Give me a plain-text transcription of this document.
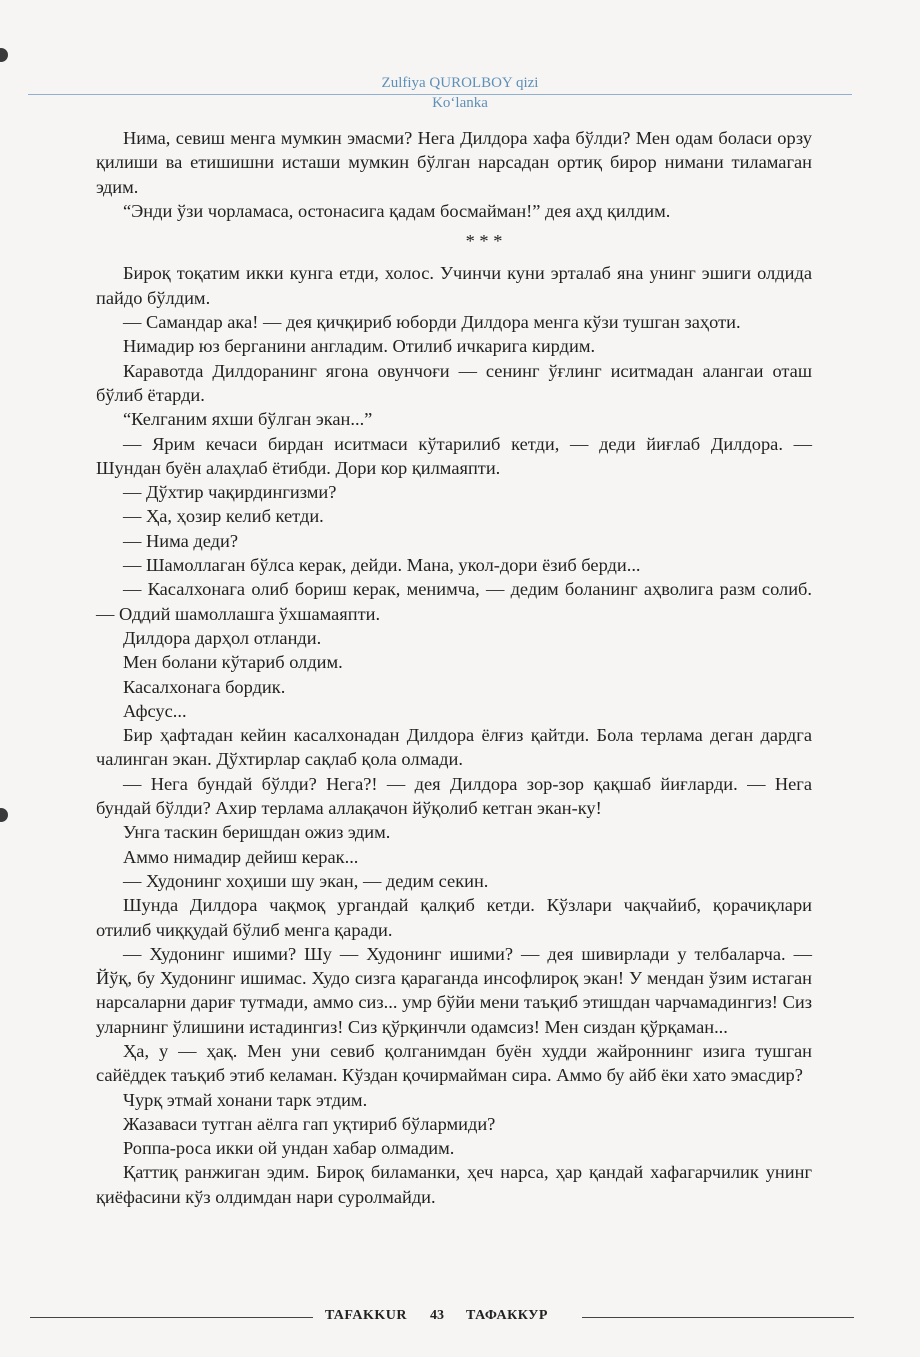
Zulfiya QUROLBOY qizi
Ko‘lanka

Нима, севиш менга мумкин эмасми? Нега Дилдора хафа бўлди? Мен одам боласи орзу қилиши ва етишишни исташи мумкин бўлган нарсадан ортиқ бирор нимани тиламаган эдим.

“Энди ўзи чорламаса, остонасига қадам босмайман!” дея аҳд қилдим.

* * *

Бироқ тоқатим икки кунга етди, холос. Учинчи куни эрталаб яна унинг эшиги олдида пайдо бўлдим.

— Самандар ака! — дея қичқириб юборди Дилдора менга кўзи тушган заҳоти.

Нимадир юз берганини англадим. Отилиб ичкарига кирдим.

Каравотда Дилдоранинг ягона овунчоғи — сенинг ўғлинг иситмадан алангаи оташ бўлиб ётарди.

“Келганим яхши бўлган экан...”

— Ярим кечаси бирдан иситмаси кўтарилиб кетди, — деди йиғлаб Дилдора. — Шундан буён алаҳлаб ётибди. Дори кор қилмаяпти.

— Дўхтир чақирдингизми?

— Ҳа, ҳозир келиб кетди.

— Нима деди?

— Шамоллаган бўлса керак, дейди. Мана, укол-дори ёзиб берди...

— Касалхонага олиб бориш керак, менимча, — дедим боланинг аҳволига разм солиб. — Оддий шамоллашга ўхшамаяпти.

Дилдора дарҳол отланди.

Мен болани кўтариб олдим.

Касалхонага бордик.

Афсус...

Бир ҳафтадан кейин касалхонадан Дилдора ёлғиз қайтди. Бола терлама деган дардга чалинган экан. Дўхтирлар сақлаб қола олмади.

— Нега бундай бўлди? Нега?! — дея Дилдора зор-зор қақшаб йиғларди. — Нега бундай бўлди? Ахир терлама аллақачон йўқолиб кетган экан-ку!

Унга таскин беришдан ожиз эдим.

Аммо нимадир дейиш керак...

— Худонинг хоҳиши шу экан, — дедим секин.

Шунда Дилдора чақмоқ ургандай қалқиб кетди. Кўзлари чақчайиб, қорачиқлари отилиб чиққудай бўлиб менга қаради.

— Худонинг ишими? Шу — Худонинг ишими? — дея шивирлади у телбаларча. — Йўқ, бу Худонинг ишимас. Худо сизга қараганда инсофлироқ экан! У мендан ўзим истаган нарсаларни дариғ тутмади, аммо сиз... умр бўйи мени таъқиб этишдан чарчамадингиз! Сиз уларнинг ўлишини истадингиз! Сиз қўрқинчли одамсиз! Мен сиздан қўрқаман...

Ҳа, у — ҳақ. Мен уни севиб қолганимдан буён худди жайроннинг изига тушган сайёддек таъқиб этиб келаман. Кўздан қочирмайман сира. Аммо бу айб ёки хато эмасдир?

Чурқ этмай хонани тарк этдим.

Жазаваси тутган аёлга гап уқтириб бўлармиди?

Роппа-роса икки ой ундан хабар олмадим.

Қаттиқ ранжиган эдим. Бироқ биламанки, ҳеч нарса, ҳар қандай хафагарчилик унинг қиёфасини кўз олдимдан нари суролмайди.

TAFAKKUR 43 ТАФАККУР
